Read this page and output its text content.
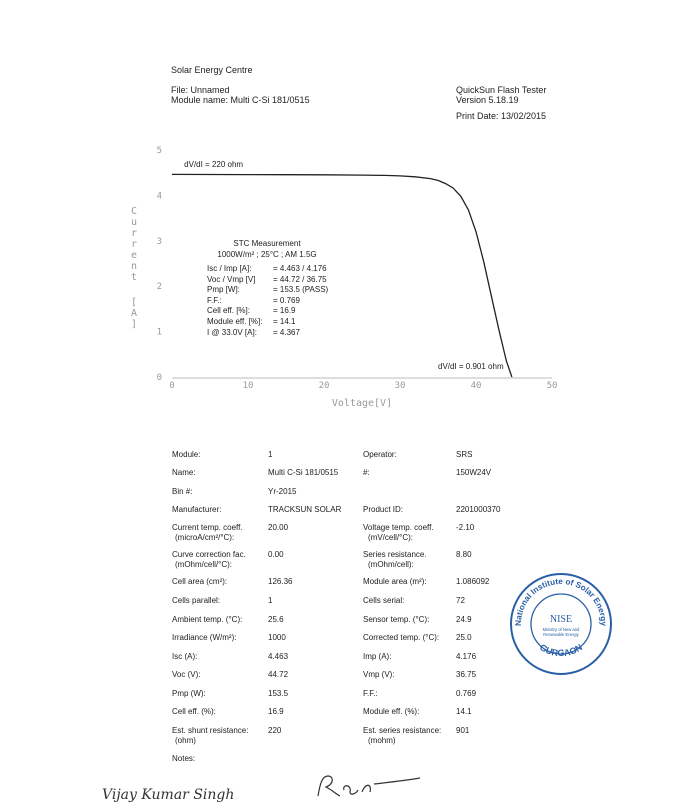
Solar Energy Centre
File: Unnamed
Module name: Multi C-Si 181/0515
QuickSun Flash Tester
Version 5.18.19
Print Date: 13/02/2015
0
1
2
3
4
5
0	10	20	30	40	50
C
u
r
r
e
n
t
[
A
]
Voltage[V]
dV/dI = 220 ohm
dV/dI = 0.901 ohm
STC Measurement
1000W/m² ; 25°C ; AM 1.5G
Isc / Imp [A]:	= 4.463 / 4.176
Voc / Vmp [V] = 44.72 / 36.75
Pmp [W]:	= 153.5 (PASS)
F.F.:	= 0.769
Cell eff. [%]:	= 16.9
Module eff. [%]: = 14.1
I @ 33.0V [A]: = 4.367
Module:	1	Operator:	SRS
Name:	Multi C-Si 181/0515	#:	150W24V
Bin #:	Yr-2015
Manufacturer:	TRACKSUN SOLAR	Product ID:	2201000370
Current temp. coeff.
(microA/cm²/°C):
20.00	Voltage temp. coeff.
(mV/cell/°C):
-2.10
Curve correction fac.
(mOhm/cell/°C):
0.00	Series resistance.
(mOhm/cell):
8.80
Cell area (cm²):	126.36	Module area (m²):	1.086092
Cells parallel:	1	Cells serial:	72
Ambient temp. (°C):	25.6	Sensor temp. (°C):	24.9
Irradiance (W/m²):	1000	Corrected temp. (°C): 25.0
Isc (A):	4.463	Imp (A):	4.176
Voc (V):	44.72	Vmp (V):	36.75
Pmp (W):	153.5	F.F.:	0.769
Cell eff. (%):	16.9	Module eff. (%):	14.1
Est. shunt resistance:
(ohm)
220	Est. series resistance:
(mohm)
901
Notes:
National Institute of Solar Energy
GURGAON
NISE
Ministry of New and
Renewable Energy
Vijay Kumar Singh
